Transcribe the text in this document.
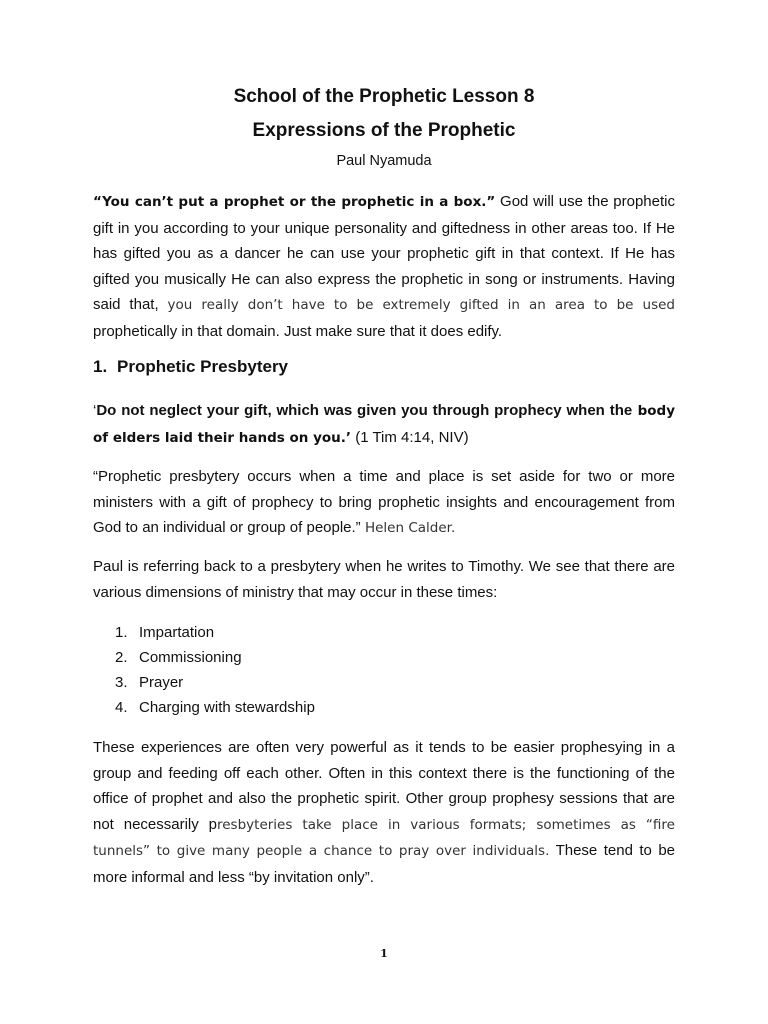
School of the Prophetic Lesson 8
Expressions of the Prophetic

Paul Nyamuda

“You can’t put a prophet or the prophetic in a box.” God will use the prophetic gift in you according to your unique personality and giftedness in other areas too. If He has gifted you as a dancer he can use your prophetic gift in that context. If He has gifted you musically He can also express the prophetic in song or instruments. Having said that, you really don’t have to be extremely gifted in an area to be used prophetically in that domain. Just make sure that it does edify.

1. Prophetic Presbytery

‘Do not neglect your gift, which was given you through prophecy when the body of elders laid their hands on you.’ (1 Tim 4:14, NIV)

“Prophetic presbytery occurs when a time and place is set aside for two or more ministers with a gift of prophecy to bring prophetic insights and encouragement from God to an individual or group of people.” Helen Calder.

Paul is referring back to a presbytery when he writes to Timothy. We see that there are various dimensions of ministry that may occur in these times:

1. Impartation
2. Commissioning
3. Prayer
4. Charging with stewardship

These experiences are often very powerful as it tends to be easier prophesying in a group and feeding off each other. Often in this context there is the functioning of the office of prophet and also the prophetic spirit. Other group prophesy sessions that are not necessarily presbyteries take place in various formats; sometimes as “fire tunnels” to give many people a chance to pray over individuals. These tend to be more informal and less “by invitation only”.

1
